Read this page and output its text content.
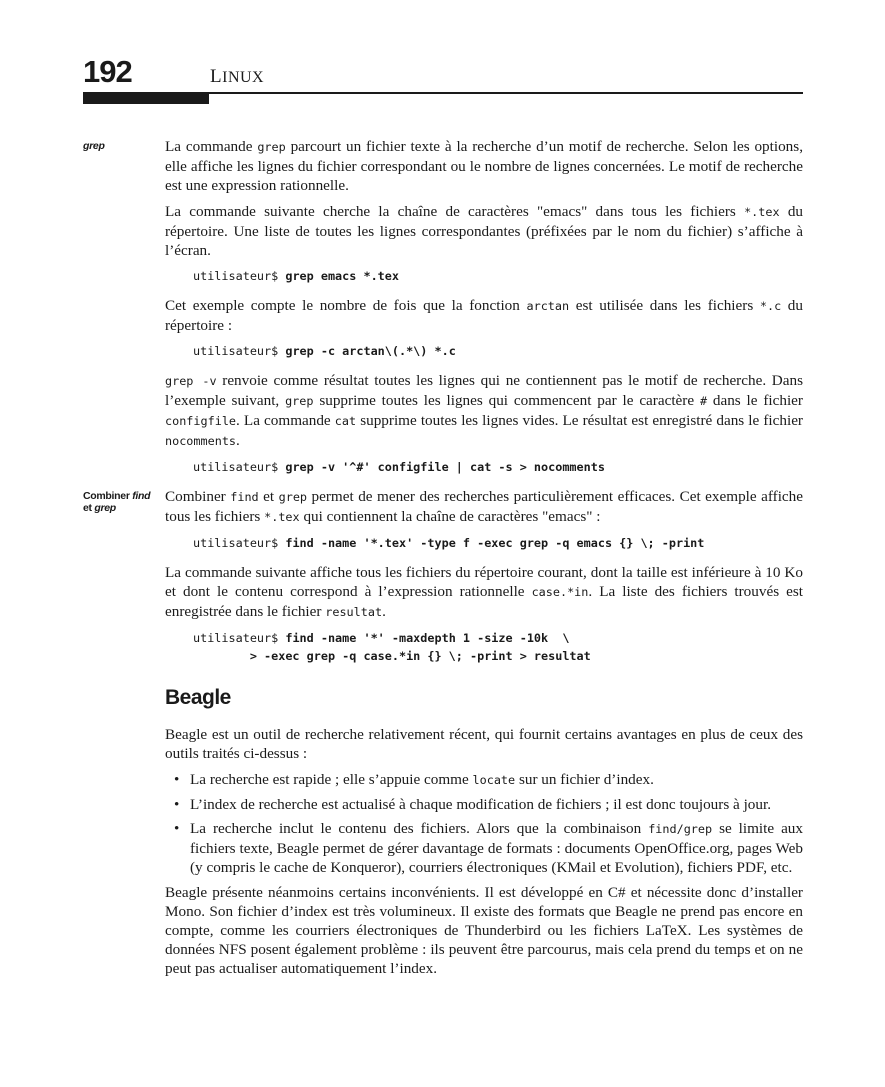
192	LINUX
grep	La commande grep parcourt un fichier texte à la recherche d’un motif de recherche. Selon les options, elle affiche les lignes du fichier correspondant ou le nombre de lignes concernées. Le motif de recherche est une expression rationnelle.

La commande suivante cherche la chaîne de caractères "emacs" dans tous les fichiers *.tex du répertoire. Une liste de toutes les lignes correspondantes (préfixées par le nom du fichier) s’affiche à l’écran.

utilisateur$ grep emacs *.tex

Cet exemple compte le nombre de fois que la fonction arctan est utilisée dans les fichiers *.c du répertoire :

utilisateur$ grep -c arctan\(.*\) *.c

grep -v renvoie comme résultat toutes les lignes qui ne contiennent pas le motif de recherche. Dans l’exemple suivant, grep supprime toutes les lignes qui commencent par le caractère # dans le fichier configfile. La commande cat supprime toutes les lignes vides. Le résultat est enregistré dans le fichier nocomments.

utilisateur$ grep -v '^#' configfile | cat -s > nocomments
Combiner find
et grep

Combiner find et grep permet de mener des recherches particulièrement efficaces. Cet exemple affiche tous les fichiers *.tex qui contiennent la chaîne de caractères "emacs" :

utilisateur$ find -name '*.tex' -type f -exec grep -q emacs {} \; -print

La commande suivante affiche tous les fichiers du répertoire courant, dont la taille est inférieure à 10 Ko et dont le contenu correspond à l’expression rationnelle case.*in. La liste des fichiers trouvés est enregistrée dans le fichier resultat.

utilisateur$ find -name '*' -maxdepth 1 -size -10k  \
> -exec grep -q case.*in {} \; -print > resultat
Beagle

Beagle est un outil de recherche relativement récent, qui fournit certains avantages en plus de ceux des outils traités ci-dessus :

• La recherche est rapide ; elle s’appuie comme locate sur un fichier d’index.
• L’index de recherche est actualisé à chaque modification de fichiers ; il est donc toujours à jour.
• La recherche inclut le contenu des fichiers. Alors que la combinaison find/grep se limite aux fichiers texte, Beagle permet de gérer davantage de formats : documents OpenOffice.org, pages Web (y compris le cache de Konqueror), courriers électroniques (KMail et Evolution), fichiers PDF, etc.

Beagle présente néanmoins certains inconvénients. Il est développé en C# et nécessite donc d’installer Mono. Son fichier d’index est très volumineux. Il existe des formats que Beagle ne prend pas encore en compte, comme les courriers électroniques de Thunderbird ou les fichiers LaTeX. Les systèmes de données NFS posent également problème : ils peuvent être parcourus, mais cela prend du temps et on ne peut pas actualiser automatiquement l’index.
